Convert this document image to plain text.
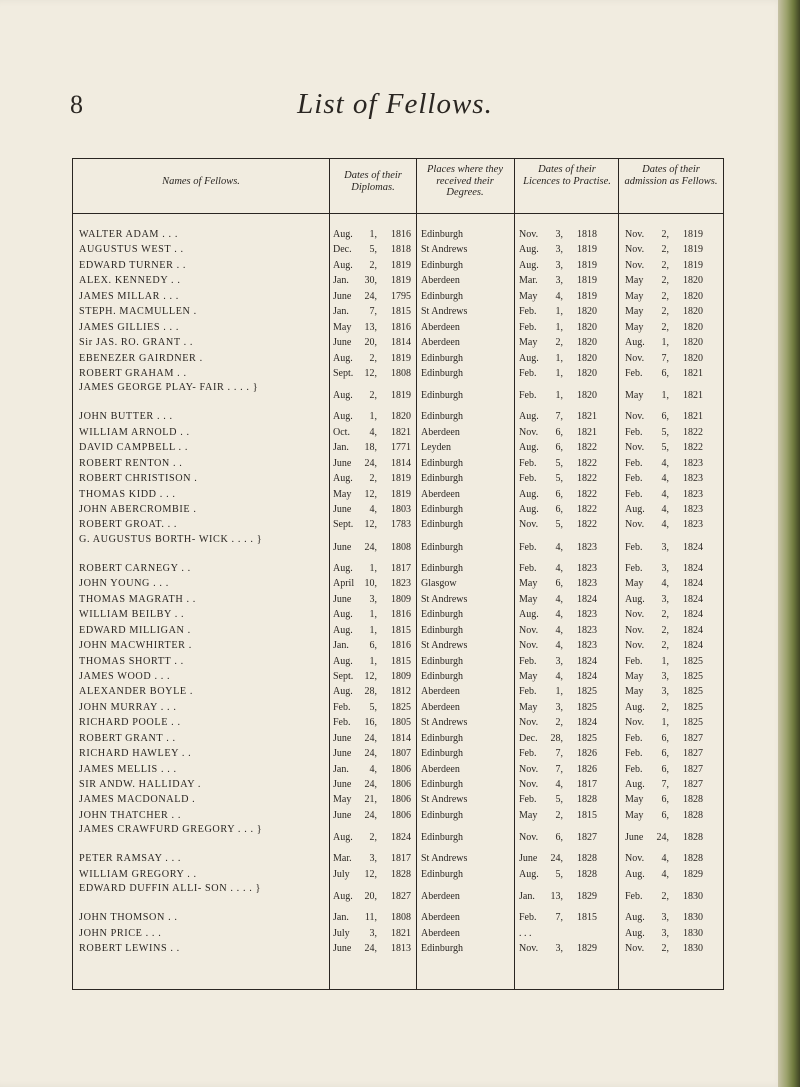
8	List of Fellows.
Names of Fellows.
Dates of their Diplomas.
Places where they received their Degrees.
Dates of their Licences to Practise.
Dates of their admission as Fellows.
WALTER ADAM . . .	Aug.	1,	1816 Edinburgh	Nov.	3,	1818	Nov.	2,	1819
AUGUSTUS WEST . .	Dec.	5,	1818 St Andrews	Aug.	3,	1819	Nov.	2,	1819
EDWARD TURNER . .	Aug.	2,	1819 Edinburgh	Aug.	3,	1819	Nov.	2,	1819
ALEX. KENNEDY . .	Jan.	30,	1819 Aberdeen	Mar.	3,	1819	May	2,	1820
JAMES MILLAR . . .	June	24,	1795 Edinburgh	May	4,	1819	May	2,	1820
STEPH. MACMULLEN .	Jan.	7,	1815 St Andrews	Feb.	1,	1820	May	2,	1820
JAMES GILLIES . . .	May	13,	1816 Aberdeen	Feb.	1,	1820	May	2,	1820
Sir JAS. RO. GRANT . .	June	20,	1814 Aberdeen	May	2,	1820	Aug.	1,	1820
EBENEZER GAIRDNER .	Aug.	2,	1819 Edinburgh	Aug.	1,	1820	Nov.	7,	1820
ROBERT GRAHAM . .	Sept.	12,	1808 Edinburgh	Feb.	1,	1820	Feb.	6,	1821
JAMES GEORGE PLAY- FAIR . . . . }
Aug.	2,	1819 Edinburgh	Feb.	1,	1820	May	1,	1821
JOHN BUTTER . . .	Aug.	1,	1820 Edinburgh	Aug.	7,	1821	Nov.	6,	1821
WILLIAM ARNOLD . .	Oct.	4,	1821 Aberdeen	Nov.	6,	1821	Feb.	5,	1822
DAVID CAMPBELL . .	Jan.	18,	1771 Leyden	Aug.	6,	1822	Nov.	5,	1822
ROBERT RENTON . .	June	24,	1814 Edinburgh	Feb.	5,	1822	Feb.	4,	1823
ROBERT CHRISTISON .	Aug.	2,	1819 Edinburgh	Feb.	5,	1822	Feb.	4,	1823
THOMAS KIDD . . .	May	12,	1819 Aberdeen	Aug.	6,	1822	Feb.	4,	1823
JOHN ABERCROMBIE .	June	4,	1803 Edinburgh	Aug.	6,	1822	Aug.	4,	1823
ROBERT GROAT. . .	Sept.	12,	1783 Edinburgh	Nov.	5,	1822	Nov.	4,	1823
G. AUGUSTUS BORTH- WICK . . . . }
June	24,	1808 Edinburgh	Feb.	4,	1823	Feb.	3,	1824
ROBERT CARNEGY . .	Aug.	1,	1817 Edinburgh	Feb.	4,	1823	Feb.	3,	1824
JOHN YOUNG . . .	April	10,	1823 Glasgow	May	6,	1823	May	4,	1824
THOMAS MAGRATH . .	June	3,	1809 St Andrews	May	4,	1824	Aug.	3,	1824
WILLIAM BEILBY . .	Aug.	1,	1816 Edinburgh	Aug.	4,	1823	Nov.	2,	1824
EDWARD MILLIGAN .	Aug.	1,	1815 Edinburgh	Nov.	4,	1823	Nov.	2,	1824
JOHN MACWHIRTER .	Jan.	6,	1816 St Andrews	Nov.	4,	1823	Nov.	2,	1824
THOMAS SHORTT . .	Aug.	1,	1815 Edinburgh	Feb.	3,	1824	Feb.	1,	1825
JAMES WOOD . . .	Sept.	12,	1809 Edinburgh	May	4,	1824	May	3,	1825
ALEXANDER BOYLE .	Aug.	28,	1812 Aberdeen	Feb.	1,	1825	May	3,	1825
JOHN MURRAY . . .	Feb.	5,	1825 Aberdeen	May	3,	1825	Aug.	2,	1825
RICHARD POOLE . .	Feb.	16,	1805 St Andrews	Nov.	2,	1824	Nov.	1,	1825
ROBERT GRANT . .	June	24,	1814 Edinburgh	Dec.	28,	1825	Feb.	6,	1827
RICHARD HAWLEY . .	June	24,	1807 Edinburgh	Feb.	7,	1826	Feb.	6,	1827
JAMES MELLIS . . .	Jan.	4,	1806 Aberdeen	Nov.	7,	1826	Feb.	6,	1827
SIR ANDW. HALLIDAY .	June	24,	1806 Edinburgh	Nov.	4,	1817	Aug.	7,	1827
JAMES MACDONALD .	May	21,	1806 St Andrews	Feb.	5,	1828	May	6,	1828
JOHN THATCHER . .	June	24,	1806 Edinburgh	May	2,	1815	May	6,	1828
JAMES CRAWFURD GREGORY . . . }
Aug.	2,	1824 Edinburgh	Nov.	6,	1827	June	24,	1828
PETER RAMSAY . . .	Mar.	3,	1817 St Andrews	June	24,	1828	Nov.	4,	1828
WILLIAM GREGORY . .	July	12,	1828 Edinburgh	Aug.	5,	1828	Aug.	4,	1829
EDWARD DUFFIN ALLI- SON . . . . }
Aug.	20,	1827 Aberdeen	Jan.	13,	1829	Feb.	2,	1830
JOHN THOMSON . .	Jan.	11,	1808 Aberdeen	Feb.	7,	1815	Aug.	3,	1830
JOHN PRICE . . .	July	3,	1821 Aberdeen	. . .	Aug.	3,	1830
ROBERT LEWINS . .	June	24,	1813 Edinburgh	Nov.	3,	1829	Nov.	2,	1830
